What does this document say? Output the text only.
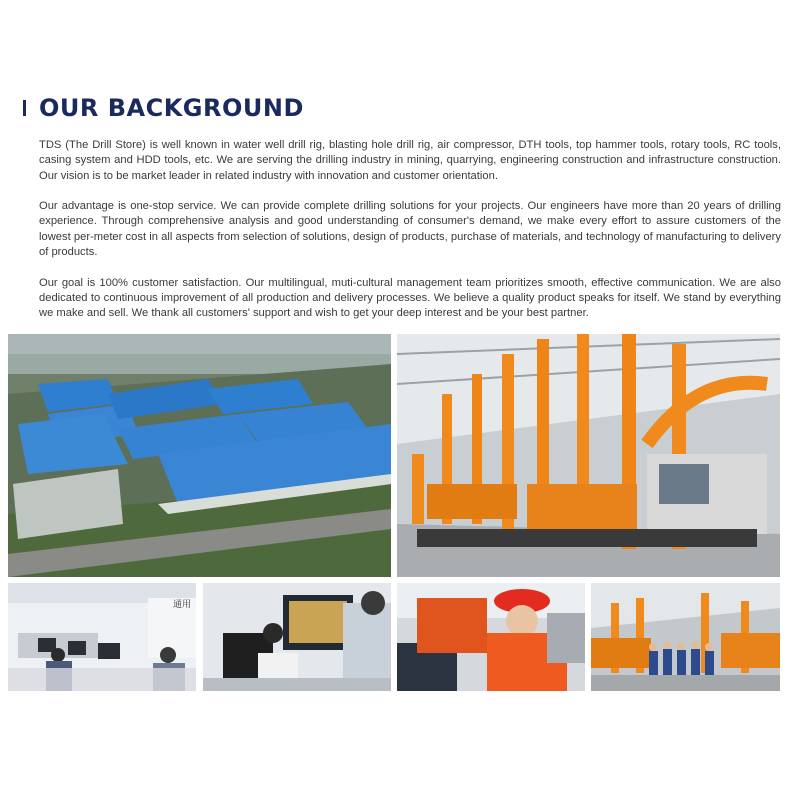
OUR BACKGROUND

TDS (The Drill Store) is well known in water well drill rig, blasting hole drill rig, air compressor, DTH tools, top hammer tools, rotary tools, RC tools, casing system and HDD tools, etc. We are serving the drilling industry in mining, quarrying, engineering construction and infrastructure construction. Our vision is to be market leader in related industry with innovation and customer orientation.

Our advantage is one-stop service. We can provide complete drilling solutions for your projects. Our engineers have more than 20 years of drilling experience. Through comprehensive analysis and good understanding of consumer's demand, we make every effort to assure customers of the lowest per-meter cost in all aspects from selection of solutions, design of products, purchase of materials, and technology of manufacturing to delivery of products.

Our goal is 100% customer satisfaction. Our multilingual, muti-cultural management team prioritizes smooth, effective communication. We are also dedicated to continuous improvement of all production and delivery processes. We believe a quality product speaks for itself. We stand by everything we make and sell. We thank all customers' support and wish to get your deep interest and be your best partner.

通用
